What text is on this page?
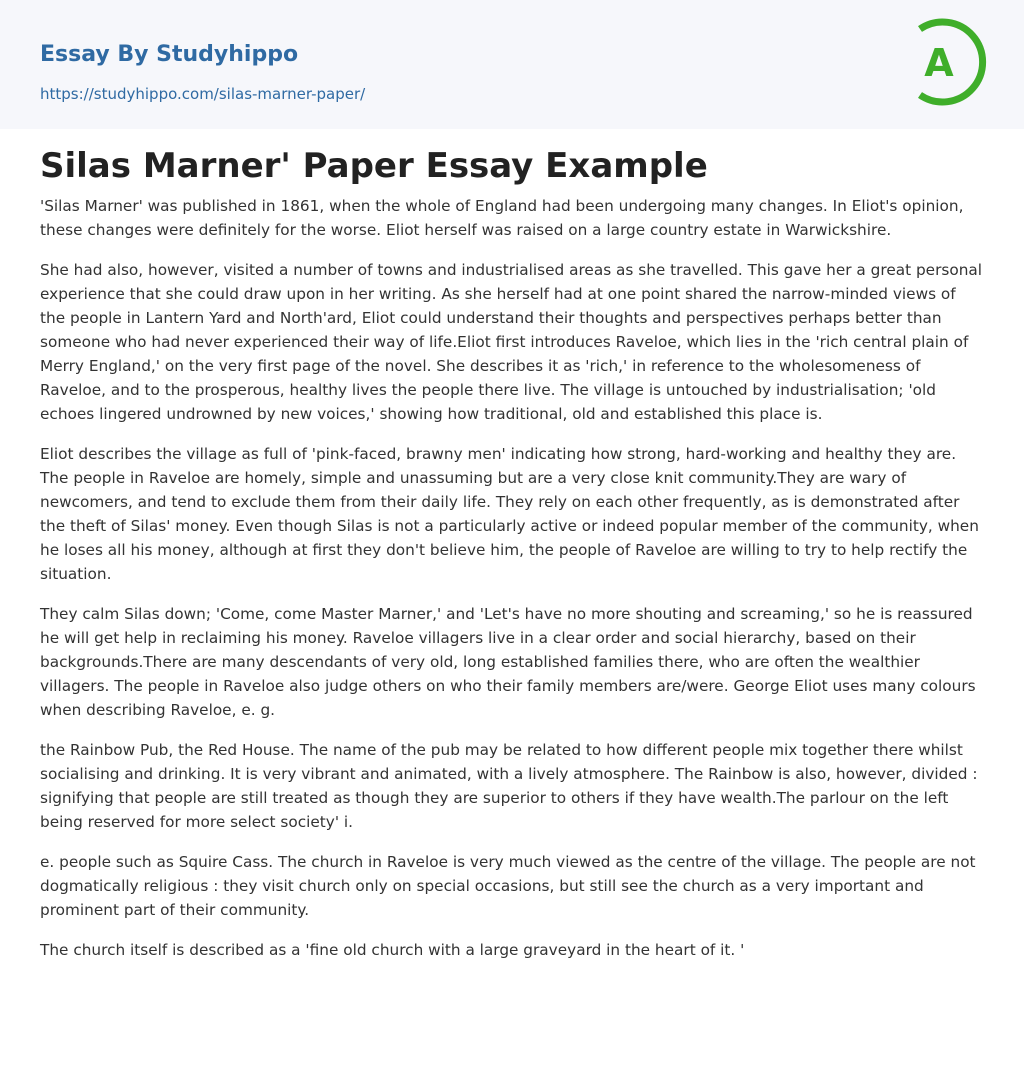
Essay By Studyhippo
https://studyhippo.com/silas-marner-paper/
A
Silas Marner' Paper Essay Example

'Silas Marner' was published in 1861, when the whole of England had been undergoing many changes. In Eliot's opinion, these changes were definitely for the worse. Eliot herself was raised on a large country estate in Warwickshire.

She had also, however, visited a number of towns and industrialised areas as she travelled. This gave her a great personal experience that she could draw upon in her writing. As she herself had at one point shared the narrow-minded views of the people in Lantern Yard and North'ard, Eliot could understand their thoughts and perspectives perhaps better than someone who had never experienced their way of life.Eliot first introduces Raveloe, which lies in the 'rich central plain of Merry England,' on the very first page of the novel. She describes it as 'rich,' in reference to the wholesomeness of Raveloe, and to the prosperous, healthy lives the people there live. The village is untouched by industrialisation; 'old echoes lingered undrowned by new voices,' showing how traditional, old and established this place is.

Eliot describes the village as full of 'pink-faced, brawny men' indicating how strong, hard-working and healthy they are. The people in Raveloe are homely, simple and unassuming but are a very close knit community.They are wary of newcomers, and tend to exclude them from their daily life. They rely on each other frequently, as is demonstrated after the theft of Silas' money. Even though Silas is not a particularly active or indeed popular member of the community, when he loses all his money, although at first they don't believe him, the people of Raveloe are willing to try to help rectify the situation.

They calm Silas down; 'Come, come Master Marner,' and 'Let's have no more shouting and screaming,' so he is reassured he will get help in reclaiming his money. Raveloe villagers live in a clear order and social hierarchy, based on their backgrounds.There are many descendants of very old, long established families there, who are often the wealthier villagers. The people in Raveloe also judge others on who their family members are/were. George Eliot uses many colours when describing Raveloe, e. g.

the Rainbow Pub, the Red House. The name of the pub may be related to how different people mix together there whilst socialising and drinking. It is very vibrant and animated, with a lively atmosphere. The Rainbow is also, however, divided : signifying that people are still treated as though they are superior to others if they have wealth.The parlour on the left being reserved for more select society' i.

e. people such as Squire Cass. The church in Raveloe is very much viewed as the centre of the village. The people are not dogmatically religious : they visit church only on special occasions, but still see the church as a very important and prominent part of their community.

The church itself is described as a 'fine old church with a large graveyard in the heart of it. '
